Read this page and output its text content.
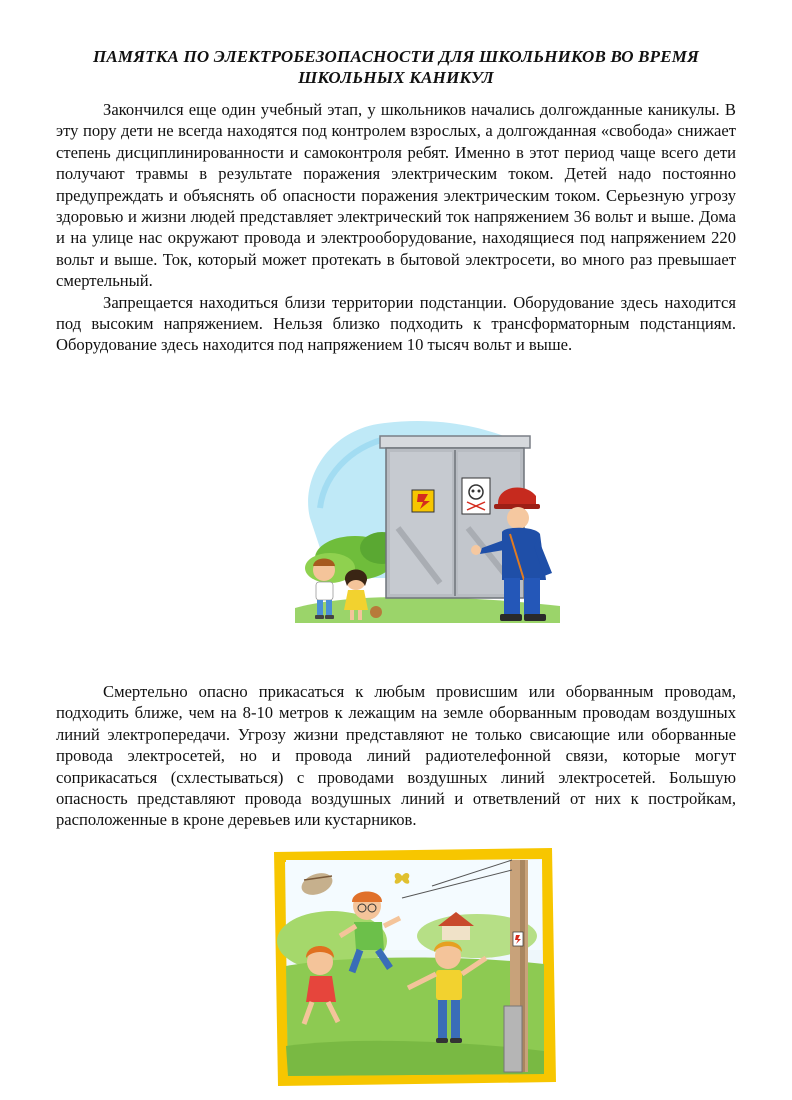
ПАМЯТКА ПО ЭЛЕКТРОБЕЗОПАСНОСТИ ДЛЯ ШКОЛЬНИКОВ ВО ВРЕМЯ
ШКОЛЬНЫХ КАНИКУЛ

Закончился еще один учебный этап, у школьников начались долгожданные каникулы. В эту пору дети не всегда находятся под контролем взрослых, а долгожданная «свобода» снижает степень дисциплинированности и самоконтроля ребят. Именно в этот период чаще всего дети получают травмы в результате поражения электрическим током. Детей надо постоянно предупреждать и объяснять об опасности поражения электрическим током. Серьезную угрозу здоровью и жизни людей представляет электрический ток напряжением 36 вольт и выше. Дома и на улице нас окружают провода и электрооборудование, находящиеся под напряжением 220 вольт и выше. Ток, который может протекать в бытовой электросети, во много раз превышает смертельный.

Запрещается находиться близи территории подстанции. Оборудование здесь находится под высоким напряжением. Нельзя близко подходить к трансформаторным подстанциям. Оборудование здесь находится под напряжением 10 тысяч вольт и выше.

Смертельно опасно прикасаться к любым провисшим или оборванным проводам, подходить ближе, чем на 8-10 метров к лежащим на земле оборванным проводам воздушных линий электропередачи. Угрозу жизни представляют не только свисающие или оборванные провода электросетей, но и провода линий радиотелефонной связи, которые могут соприкасаться (схлестываться) с проводами воздушных линий электросетей. Большую опасность представляют провода воздушных линий и ответвлений от них к постройкам, расположенные в кроне деревьев или кустарников.
